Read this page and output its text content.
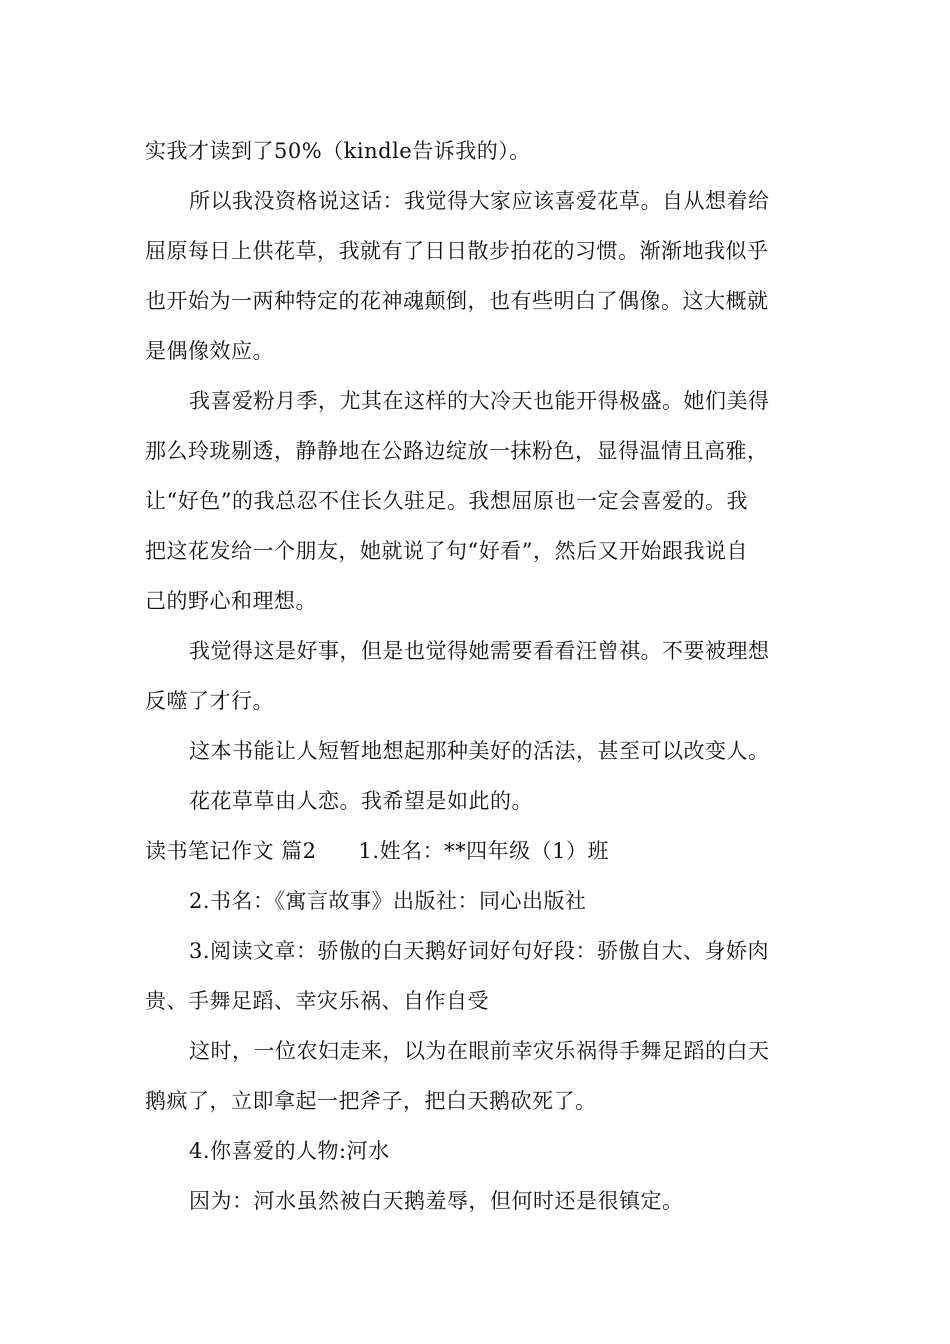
实我才读到了50%（kindle告诉我的）。
所以我没资格说这话：我觉得大家应该喜爱花草。自从想着给
屈原每日上供花草，我就有了日日散步拍花的习惯。渐渐地我似乎
也开始为一两种特定的花神魂颠倒，也有些明白了偶像。这大概就
是偶像效应。
我喜爱粉月季，尤其在这样的大冷天也能开得极盛。她们美得
那么玲珑剔透，静静地在公路边绽放一抹粉色，显得温情且高雅，
让“好色”的我总忍不住长久驻足。我想屈原也一定会喜爱的。我
把这花发给一个朋友，她就说了句“好看”，然后又开始跟我说自
己的野心和理想。
我觉得这是好事，但是也觉得她需要看看汪曾祺。不要被理想
反噬了才行。
这本书能让人短暂地想起那种美好的活法，甚至可以改变人。
花花草草由人恋。我希望是如此的。
读书笔记作文 篇2 1.姓名：**四年级（1）班
2.书名：《寓言故事》出版社：同心出版社
3.阅读文章：骄傲的白天鹅好词好句好段：骄傲自大、身娇肉
贵、手舞足蹈、幸灾乐祸、自作自受
这时，一位农妇走来，以为在眼前幸灾乐祸得手舞足蹈的白天
鹅疯了，立即拿起一把斧子，把白天鹅砍死了。
4.你喜爱的人物:河水
因为：河水虽然被白天鹅羞辱，但何时还是很镇定。
